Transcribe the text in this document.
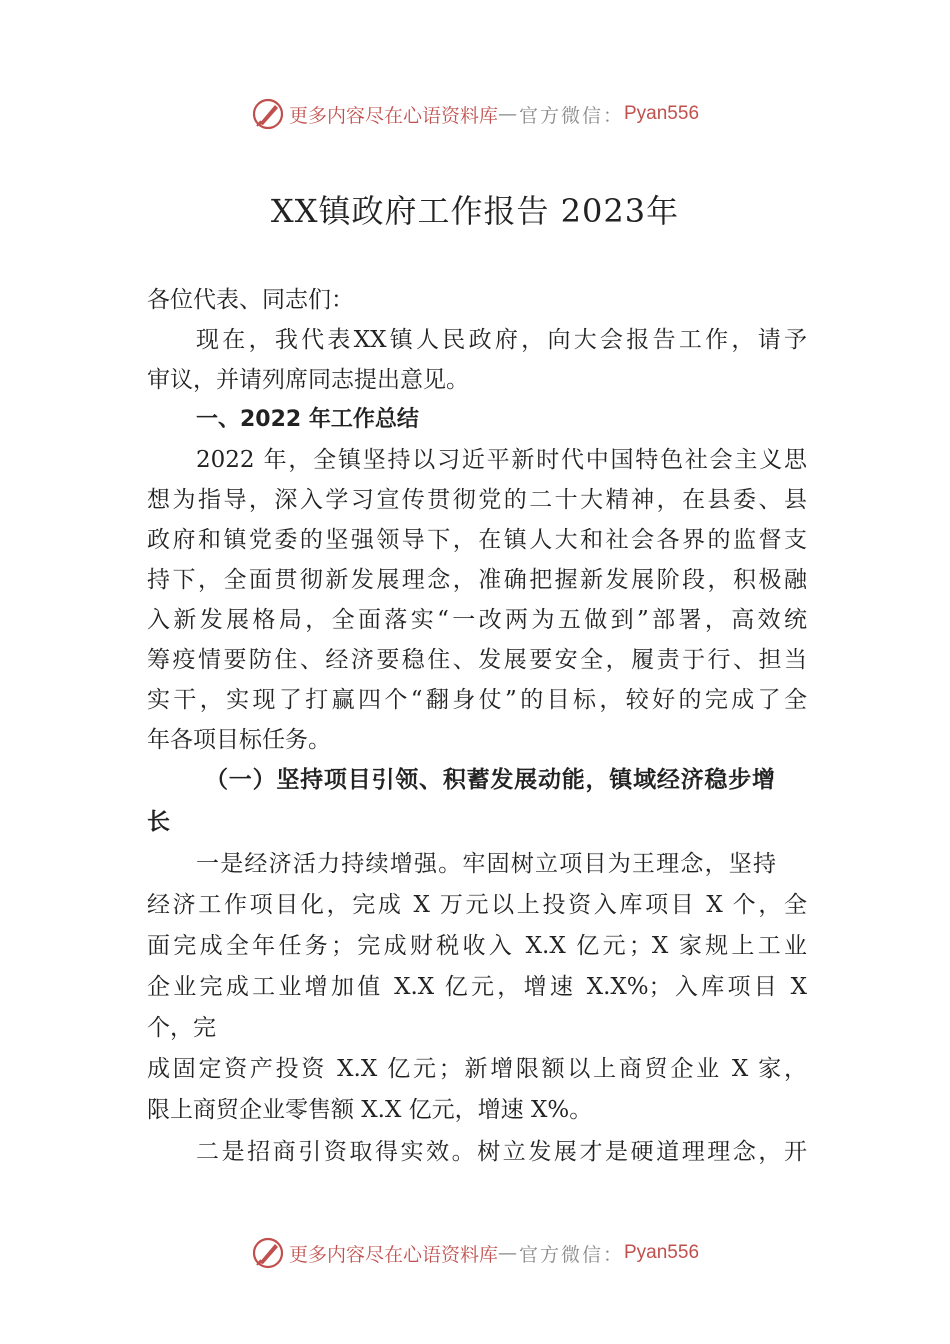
更多内容尽在心语资料库 — 官方微信： Pyan556
XX镇政府工作报告 2023年
各位代表、同志们：
现在，我代表XX镇人民政府，向大会报告工作，请予
审议，并请列席同志提出意见。
一、2022 年工作总结
2022 年，全镇坚持以习近平新时代中国特色社会主义思
想为指导，深入学习宣传贯彻党的二十大精神，在县委、县
政府和镇党委的坚强领导下，在镇人大和社会各界的监督支
持下，全面贯彻新发展理念，准确把握新发展阶段，积极融
入新发展格局，全面落实“一改两为五做到”部署，高效统
筹疫情要防住、经济要稳住、发展要安全，履责于行、担当
实干，实现了打赢四个“翻身仗”的目标，较好的完成了全
年各项目标任务。
（一）坚持项目引领、积蓄发展动能，镇域经济稳步增
长
一是经济活力持续增强。牢固树立项目为王理念，坚持
经济工作项目化，完成 X 万元以上投资入库项目 X 个，全
面完成全年任务；完成财税收入 X.X 亿元；X 家规上工业
企业完成工业增加值 X.X 亿元，增速 X.X%；入库项目 X
个，完
成固定资产投资 X.X 亿元；新增限额以上商贸企业 X 家，
限上商贸企业零售额 X.X 亿元，增速 X%。
二是招商引资取得实效。树立发展才是硬道理理念，开
更多内容尽在心语资料库 — 官方微信： Pyan556
